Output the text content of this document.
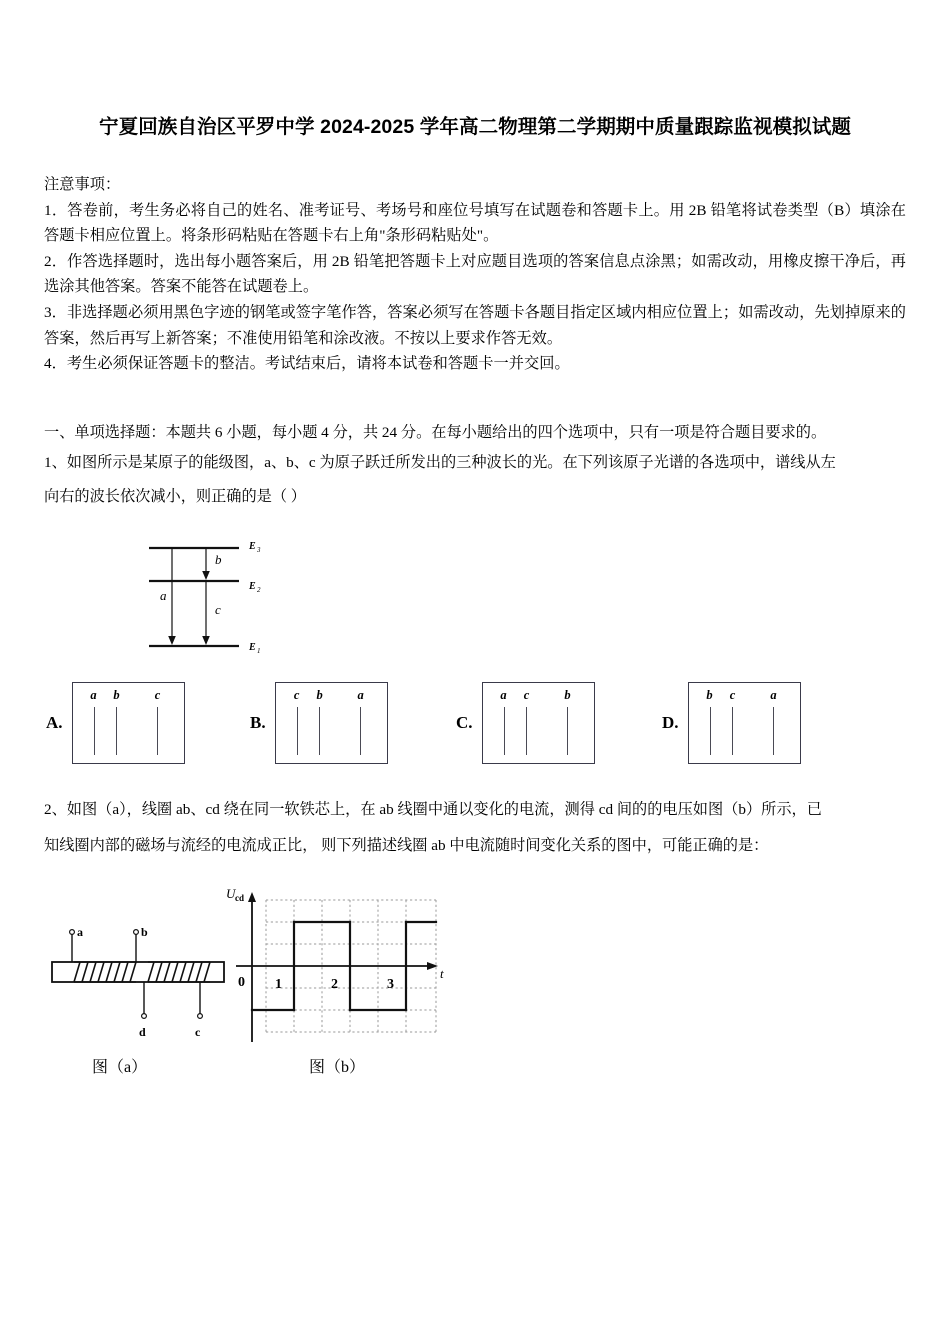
宁夏回族自治区平罗中学 2024-2025 学年高二物理第二学期期中质量跟踪监视模拟试题
注意事项：
1．答卷前，考生务必将自己的姓名、准考证号、考场号和座位号填写在试题卷和答题卡上。用 2B 铅笔将试卷类型（B）填涂在答题卡相应位置上。将条形码粘贴在答题卡右上角"条形码粘贴处"。
2．作答选择题时，选出每小题答案后，用 2B 铅笔把答题卡上对应题目选项的答案信息点涂黑；如需改动，用橡皮擦干净后，再选涂其他答案。答案不能答在试题卷上。
3．非选择题必须用黑色字迹的钢笔或签字笔作答，答案必须写在答题卡各题目指定区域内相应位置上；如需改动，先划掉原来的答案，然后再写上新答案；不准使用铅笔和涂改液。不按以上要求作答无效。
4．考生必须保证答题卡的整洁。考试结束后，请将本试卷和答题卡一并交回。
一、单项选择题：本题共 6 小题，每小题 4 分，共 24 分。在每小题给出的四个选项中，只有一项是符合题目要求的。
1、如图所示是某原子的能级图，a、b、c 为原子跃迁所发出的三种波长的光。在下列该原子光谱的各选项中，谱线从左
向右的波长依次减小，则正确的是（ ）
E 3
E 2
E 1
a
b
c
A.
a b	c
B.
c b	a
C.
a c	b
D.
b c	a
2、如图（a），线圈 ab、cd 绕在同一软铁芯上，在 ab 线圈中通以变化的电流，测得 cd 间的的电压如图（b）所示，已
知线圈内部的磁场与流经的电流成正比， 则下列描述线圈 ab 中电流随时间变化关系的图中，可能正确的是：
a	b
d	c
U cd
t
0 1	2	3
图（a）	图（b）
